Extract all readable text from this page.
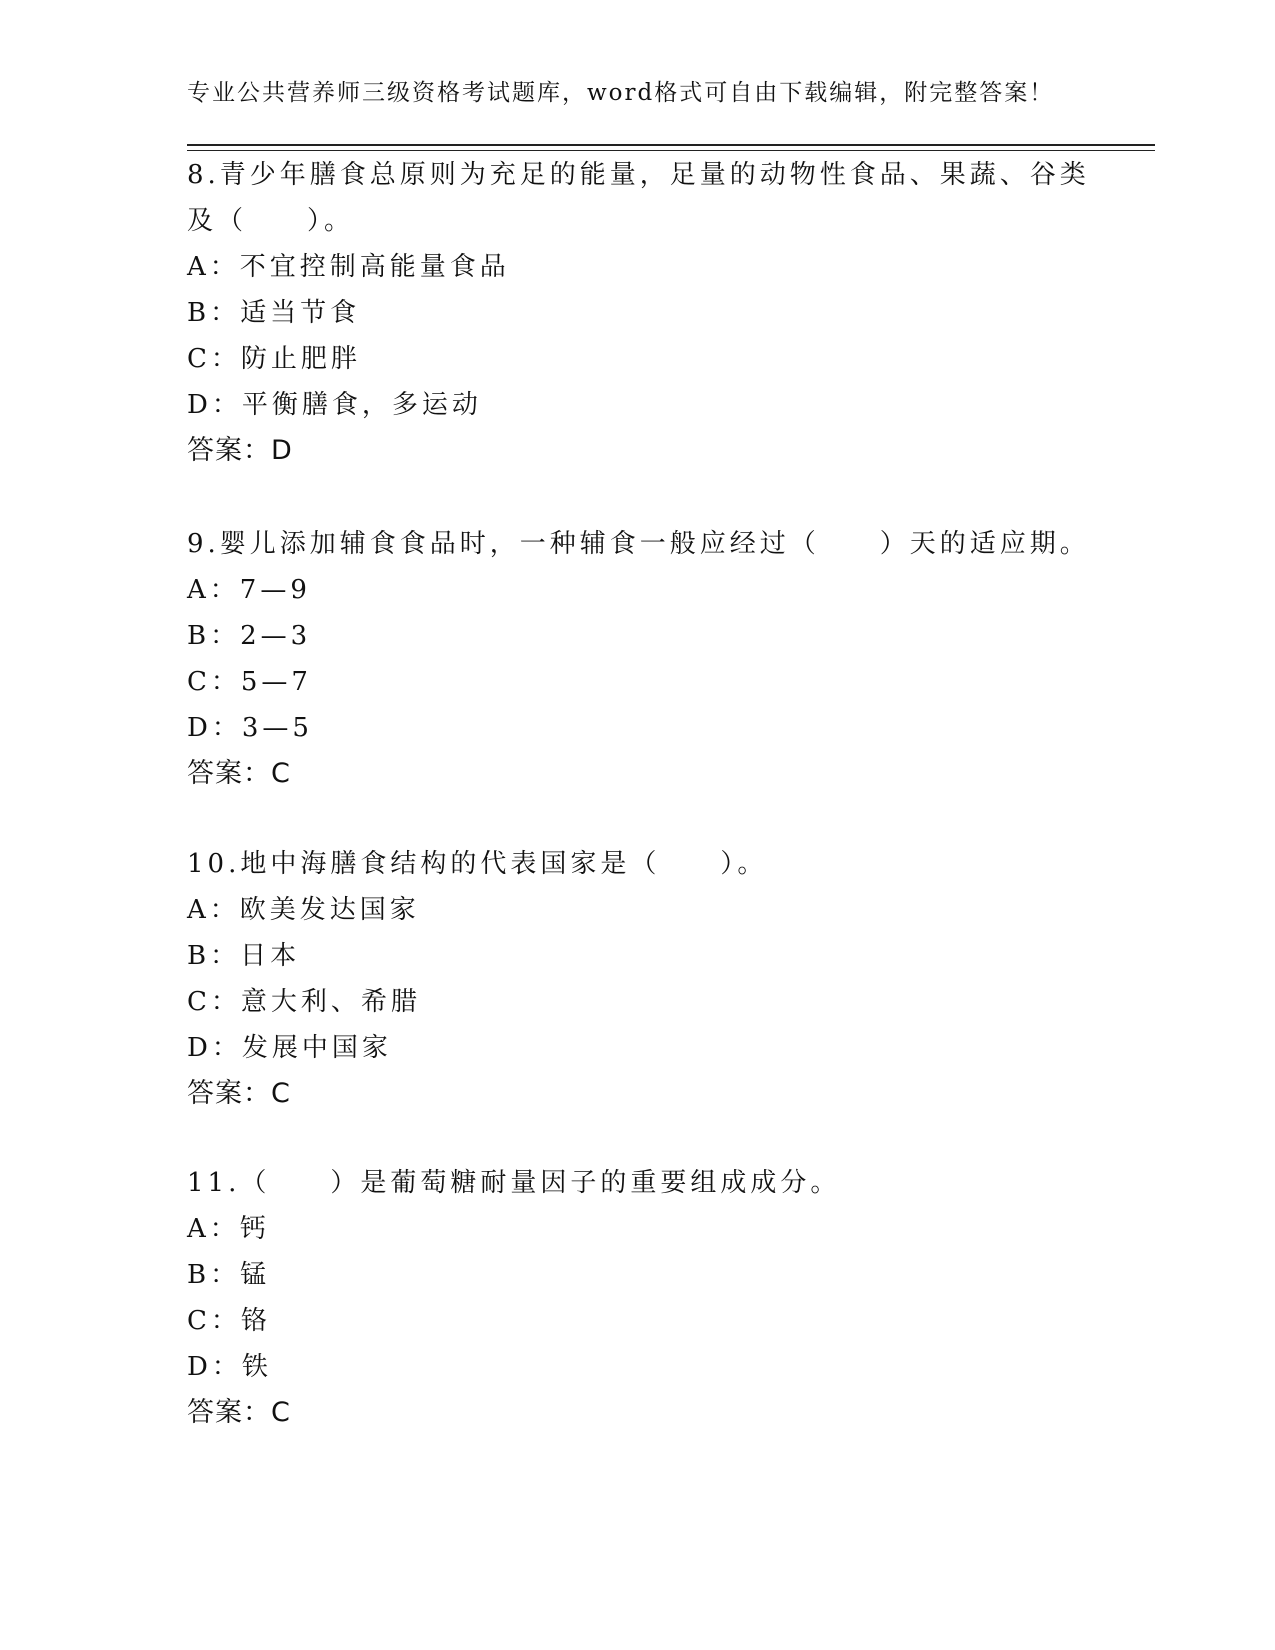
专业公共营养师三级资格考试题库，word格式可自由下载编辑，附完整答案！
8.青少年膳食总原则为充足的能量，足量的动物性食品、果蔬、谷类
及（　　）。
A：不宜控制高能量食品
B：适当节食
C：防止肥胖
D：平衡膳食，多运动
答案：D
9.婴儿添加辅食食品时，一种辅食一般应经过（　　）天的适应期。
A：7—9
B：2—3
C：5—7
D：3—5
答案：C
10.地中海膳食结构的代表国家是（　　）。
A：欧美发达国家
B：日本
C：意大利、希腊
D：发展中国家
答案：C
11.（　　）是葡萄糖耐量因子的重要组成成分。
A：钙
B：锰
C：铬
D：铁
答案：C
